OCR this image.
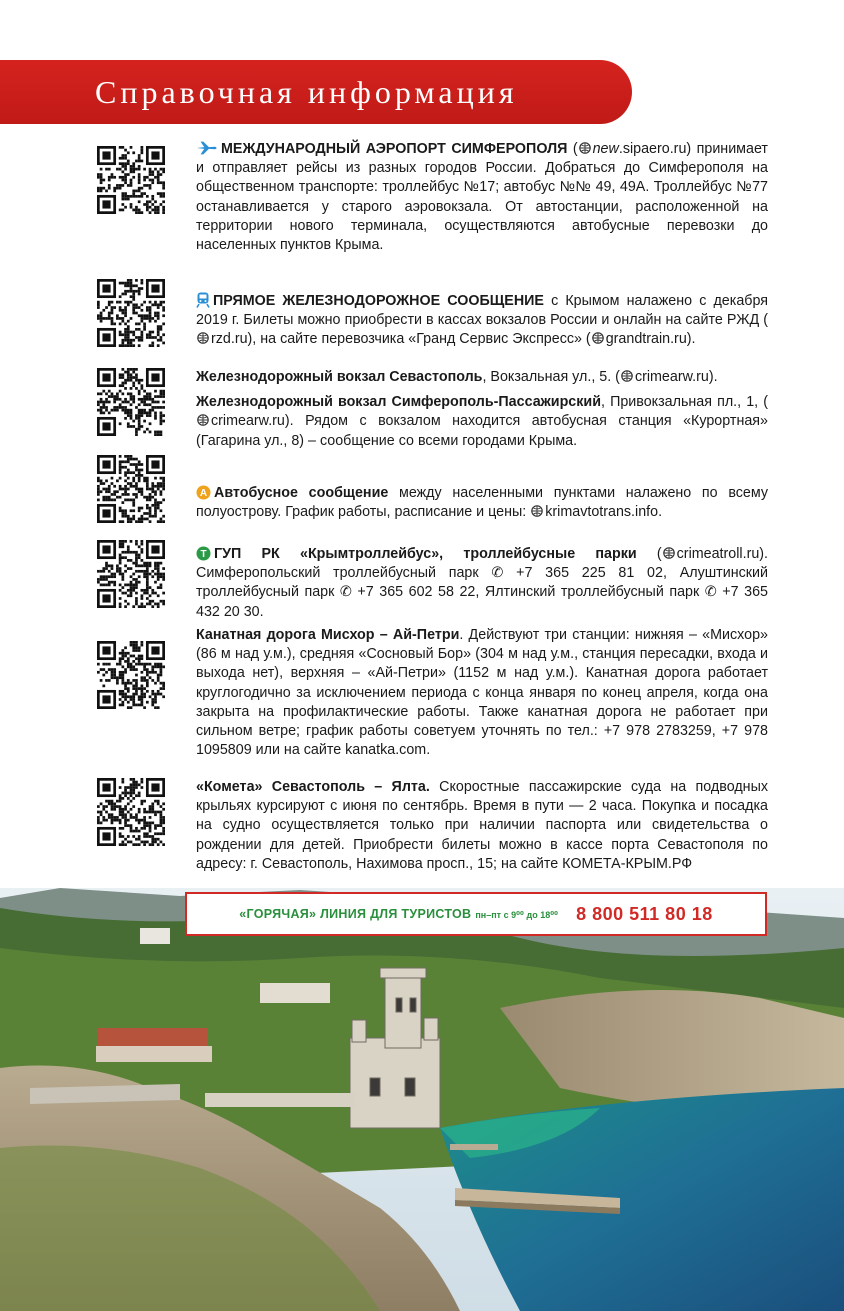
Справочная информация
МЕЖДУНАРОДНЫЙ АЭРОПОРТ СИМФЕРОПОЛЯ ( new.sipaero.ru) принимает и отправляет рейсы из разных городов России. Добраться до Симферополя на общественном транспорте: троллейбус №17; автобус №№ 49, 49А. Троллейбус №77 останавливается у старого аэровокзала. От автостанции, расположенной на территории нового терминала, осуществляются автобусные перевозки до населенных пунктов Крыма.
ПРЯМОЕ ЖЕЛЕЗНОДОРОЖНОЕ СООБЩЕНИЕ с Крымом налажено с декабря 2019 г. Билеты можно приобрести в кассах вокзалов России и онлайн на сайте РЖД (
rzd.ru), на сайте перевозчика «Гранд Сервис Экспресс» ( grandtrain.ru).
Железнодорожный вокзал Севастополь, Вокзальная ул., 5. ( crimearw.ru).
Железнодорожный вокзал Симферополь-Пассажирский, Привокзальная пл., 1, (
crimearw.ru). Рядом с вокзалом находится автобусная станция «Курортная» (Гагарина ул., 8) – сообщение со всеми городами Крыма.
A Автобусное сообщение между населенными пунктами налажено по всему полуострову. График работы, расписание и цены:
krimavtotrans.info.
T ГУП РК «Крымтроллейбус», троллейбусные парки ( crimeatroll.ru). Симферопольский троллейбусный парк ✆ +7 365 225 81 02, Алуштинский троллейбусный парк ✆ +7 365 602 58 22, Ялтинский троллейбусный парк ✆ +7 365 432 20 30.
Канатная дорога Мисхор – Ай-Петри. Действуют три станции: нижняя – «Мисхор» (86 м над у.м.), средняя «Сосновый Бор» (304 м над у.м., станция пересадки, входа и выхода нет), верхняя – «Ай-Петри» (1152 м над у.м.). Канатная дорога работает круглогодично за исключением периода с конца января по конец апреля, когда она закрыта на профилактические работы. Также канатная дорога не работает при сильном ветре; график работы советуем уточнять по тел.: +7 978 2783259, +7 978 1095809 или на сайте kanatka.com.
«Комета» Севастополь – Ялта. Скоростные пассажирские суда на подводных крыльях курсируют с июня по сентябрь. Время в пути — 2 часа. Покупка и посадка на судно осуществляется только при наличии паспорта или свидетельства о рождении для детей. Приобрести билеты можно в кассе порта Севастополя по адресу: г. Севастополь, Нахимова просп., 15; на сайте КОМЕТА-КРЫМ.РФ
«ГОРЯЧАЯ» ЛИНИЯ ДЛЯ ТУРИСТОВ пн–пт с 9⁰⁰ до 18⁰⁰ 8 800 511 80 18
